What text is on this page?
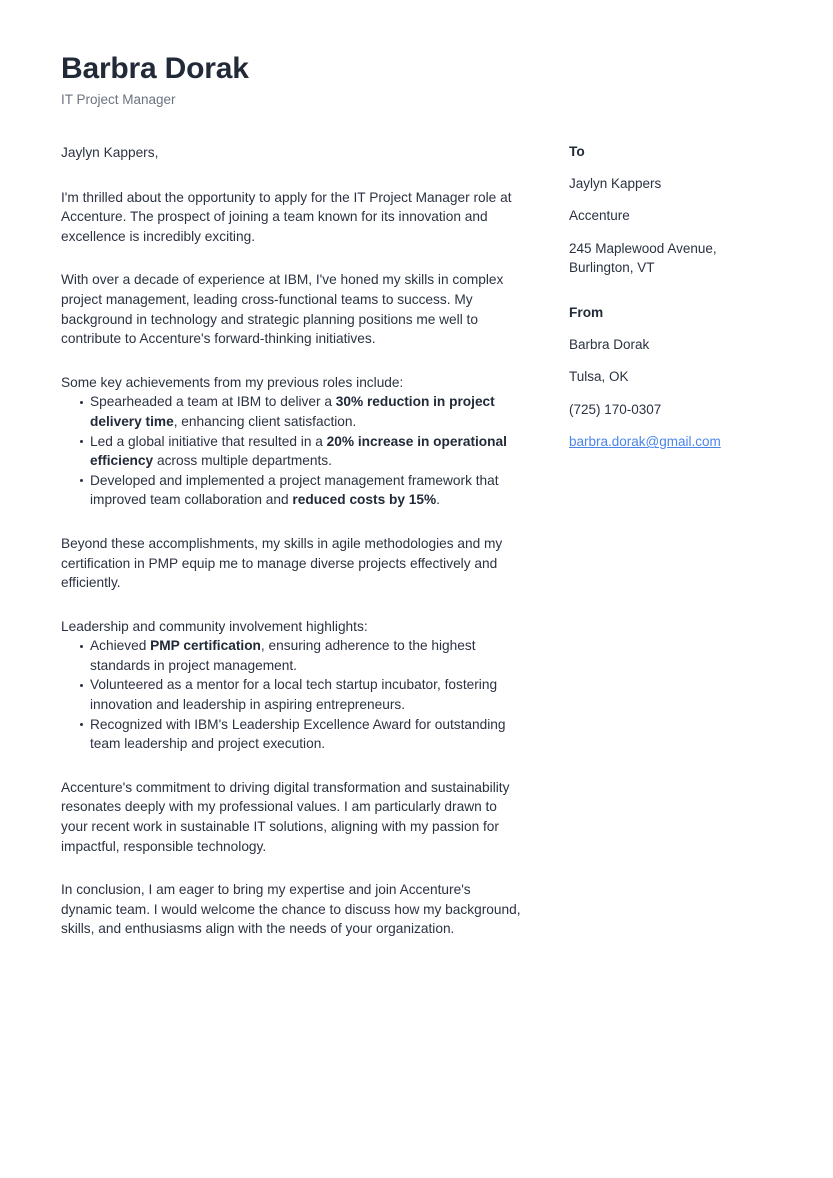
Barbra Dorak
IT Project Manager

Jaylyn Kappers,

I'm thrilled about the opportunity to apply for the IT Project Manager role at Accenture. The prospect of joining a team known for its innovation and excellence is incredibly exciting.

With over a decade of experience at IBM, I've honed my skills in complex project management, leading cross-functional teams to success. My background in technology and strategic planning positions me well to contribute to Accenture's forward-thinking initiatives.

Some key achievements from my previous roles include:

Spearheaded a team at IBM to deliver a 30% reduction in project delivery time, enhancing client satisfaction.
Led a global initiative that resulted in a 20% increase in operational efficiency across multiple departments.
Developed and implemented a project management framework that improved team collaboration and reduced costs by 15%.

Beyond these accomplishments, my skills in agile methodologies and my certification in PMP equip me to manage diverse projects effectively and efficiently.

Leadership and community involvement highlights:

Achieved PMP certification, ensuring adherence to the highest standards in project management.
Volunteered as a mentor for a local tech startup incubator, fostering innovation and leadership in aspiring entrepreneurs.
Recognized with IBM's Leadership Excellence Award for outstanding team leadership and project execution.

Accenture's commitment to driving digital transformation and sustainability resonates deeply with my professional values. I am particularly drawn to your recent work in sustainable IT solutions, aligning with my passion for impactful, responsible technology.

In conclusion, I am eager to bring my expertise and join Accenture's dynamic team. I would welcome the chance to discuss how my background, skills, and enthusiasms align with the needs of your organization.

To
Jaylyn Kappers
Accenture
245 Maplewood Avenue,
Burlington, VT
From
Barbra Dorak
Tulsa, OK
(725) 170-0307
barbra.dorak@gmail.com
